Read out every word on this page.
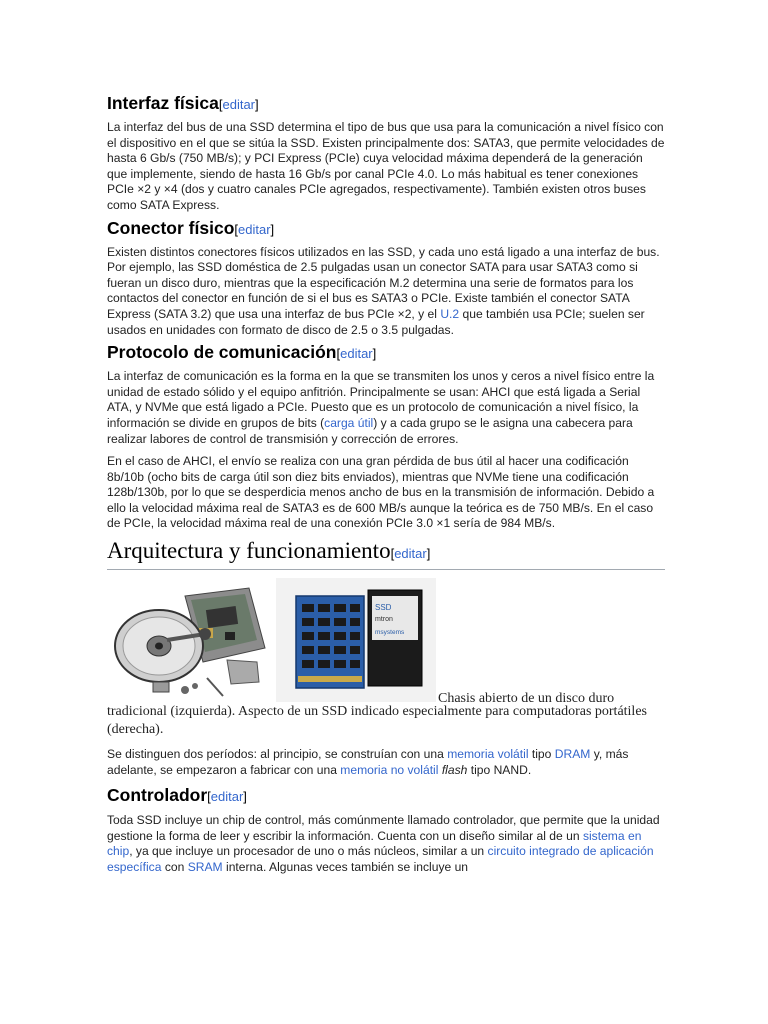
Interfaz física[editar]

La interfaz del bus de una SSD determina el tipo de bus que usa para la comunicación a nivel físico con el dispositivo en el que se sitúa la SSD. Existen principalmente dos: SATA3, que permite velocidades de hasta 6 Gb/s (750 MB/s); y PCI Express (PCIe) cuya velocidad máxima dependerá de la generación que implemente, siendo de hasta 16 Gb/s por canal PCIe 4.0. Lo más habitual es tener conexiones PCIe ×2 y ×4 (dos y cuatro canales PCIe agregados, respectivamente). También existen otros buses como SATA Express.

Conector físico[editar]

Existen distintos conectores físicos utilizados en las SSD, y cada uno está ligado a una interfaz de bus. Por ejemplo, las SSD doméstica de 2.5 pulgadas usan un conector SATA para usar SATA3 como si fueran un disco duro, mientras que la especificación M.2 determina una serie de formatos para los contactos del conector en función de si el bus es SATA3 o PCIe. Existe también el conector SATA Express (SATA 3.2) que usa una interfaz de bus PCIe ×2, y el U.2 que también usa PCIe; suelen ser usados en unidades con formato de disco de 2.5 o 3.5 pulgadas.

Protocolo de comunicación[editar]

La interfaz de comunicación es la forma en la que se transmiten los unos y ceros a nivel físico entre la unidad de estado sólido y el equipo anfitrión. Principalmente se usan: AHCI que está ligada a Serial ATA, y NVMe que está ligado a PCIe. Puesto que es un protocolo de comunicación a nivel físico, la información se divide en grupos de bits (carga útil) y a cada grupo se le asigna una cabecera para realizar labores de control de transmisión y corrección de errores.

En el caso de AHCI, el envío se realiza con una gran pérdida de bus útil al hacer una codificación 8b/10b (ocho bits de carga útil son diez bits enviados), mientras que NVMe tiene una codificación 128b/130b, por lo que se desperdicia menos ancho de bus en la transmisión de información. Debido a ello la velocidad máxima real de SATA3 es de 600 MB/s aunque la teórica es de 750 MB/s. En el caso de PCIe, la velocidad máxima real de una conexión PCIe 3.0 ×1 sería de 984 MB/s.

Arquitectura y funcionamiento[editar]
SSD
mtron
msystems
Chasis abierto de un disco duro
tradicional (izquierda). Aspecto de un SSD indicado especialmente para computadoras portátiles (derecha).

Se distinguen dos períodos: al principio, se construían con una memoria volátil tipo DRAM y, más adelante, se empezaron a fabricar con una memoria no volátil flash tipo NAND.

Controlador[editar]

Toda SSD incluye un chip de control, más comúnmente llamado controlador, que permite que la unidad gestione la forma de leer y escribir la información. Cuenta con un diseño similar al de un sistema en chip, ya que incluye un procesador de uno o más núcleos, similar a un circuito integrado de aplicación específica con SRAM interna. Algunas veces también se incluye un
